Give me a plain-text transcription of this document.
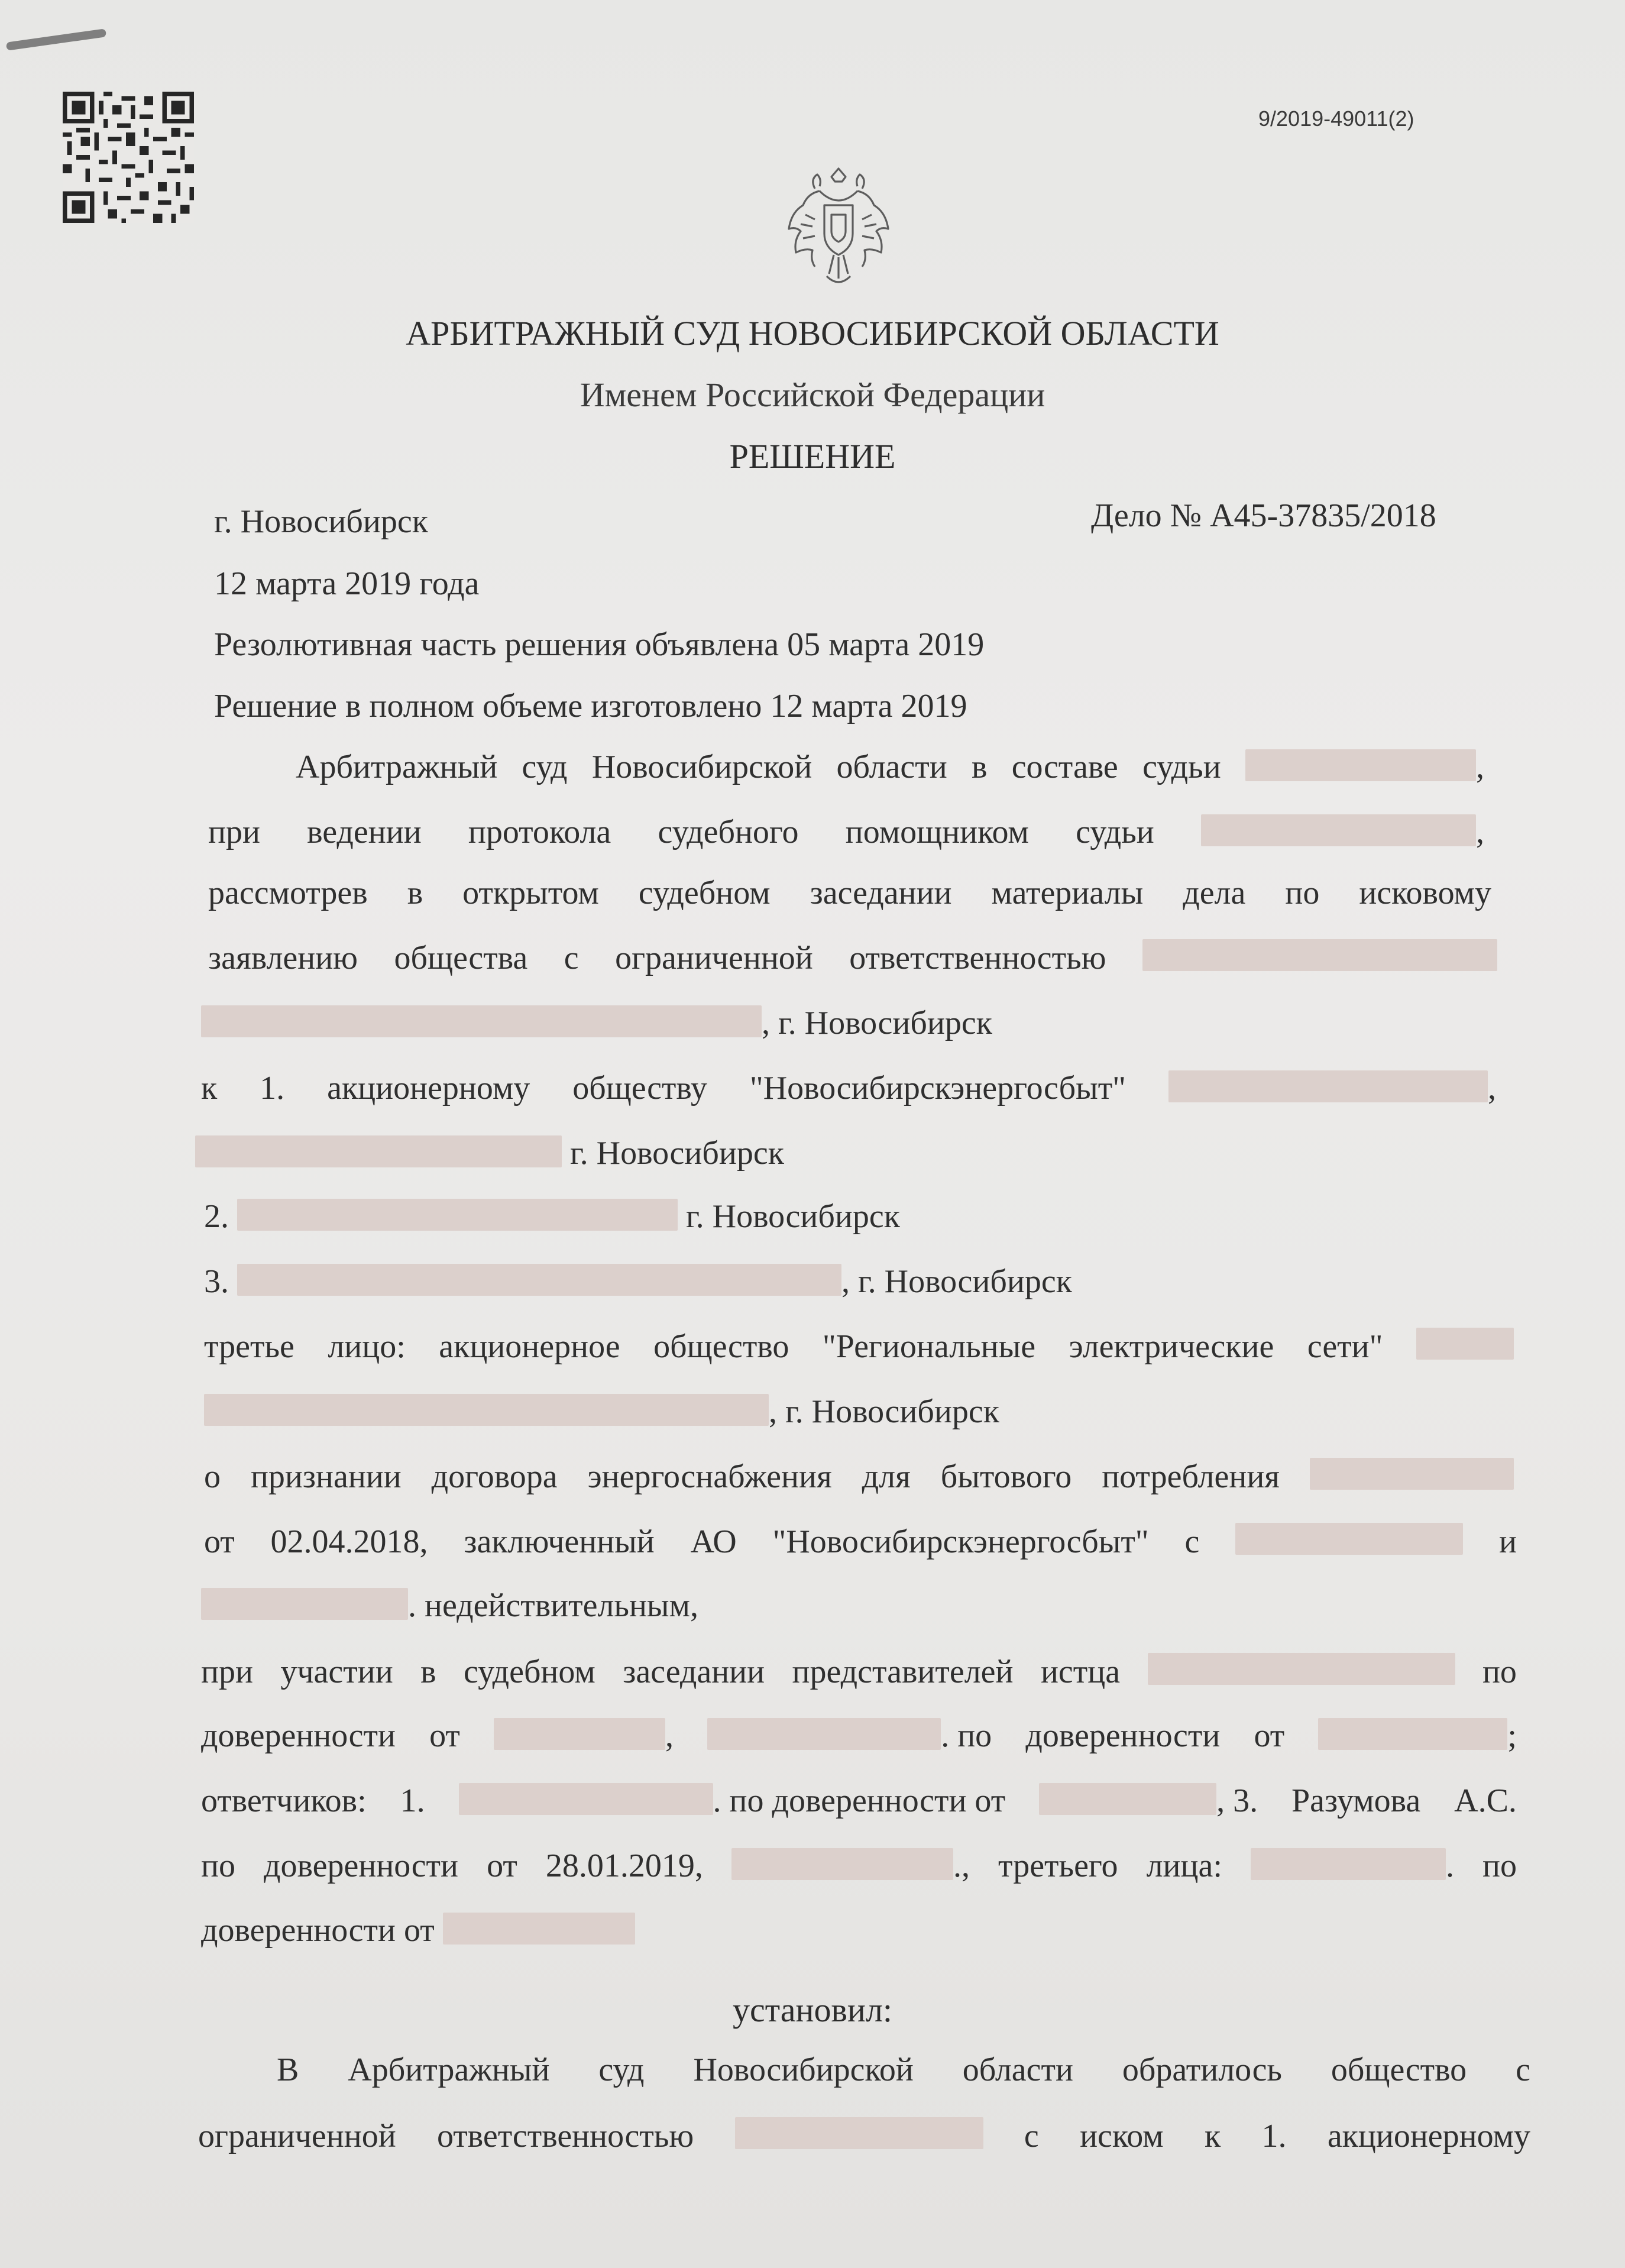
9/2019-49011(2)
АРБИТРАЖНЫЙ СУД НОВОСИБИРСКОЙ ОБЛАСТИ
Именем Российской Федерации
РЕШЕНИЕ
г. Новосибирск	Дело № А45-37835/2018
12 марта 2019 года
Резолютивная часть решения объявлена 05 марта 2019
Решение в полном объеме изготовлено 12 марта 2019
Арбитражный суд Новосибирской области в составе судьи	,
при ведении протокола судебного помощником судьи	,
рассмотрев в открытом судебном заседании материалы дела по исковому
заявлению общества с ограниченной ответственностью
, г. Новосибирск
к 1. акционерному обществу "Новосибирскэнергосбыт"	,
г. Новосибирск
2.	г. Новосибирск
3.	, г. Новосибирск
третье лицо: акционерное общество "Региональные электрические сети"
, г. Новосибирск
о признании договора энергоснабжения для бытового потребления
от 02.04.2018, заключенный АО "Новосибирскэнергосбыт" с	и
. недействительным,
при участии в судебном заседании представителей истца	по
доверенности от	,	. по доверенности от	;
ответчиков: 1.	. по доверенности от	, 3. Разумова А.С.
по доверенности от 28.01.2019,	., третьего лица:	. по
доверенности от
установил:
В Арбитражный суд Новосибирской области обратилось общество с
ограниченной ответственностью	с иском к 1. акционерному
